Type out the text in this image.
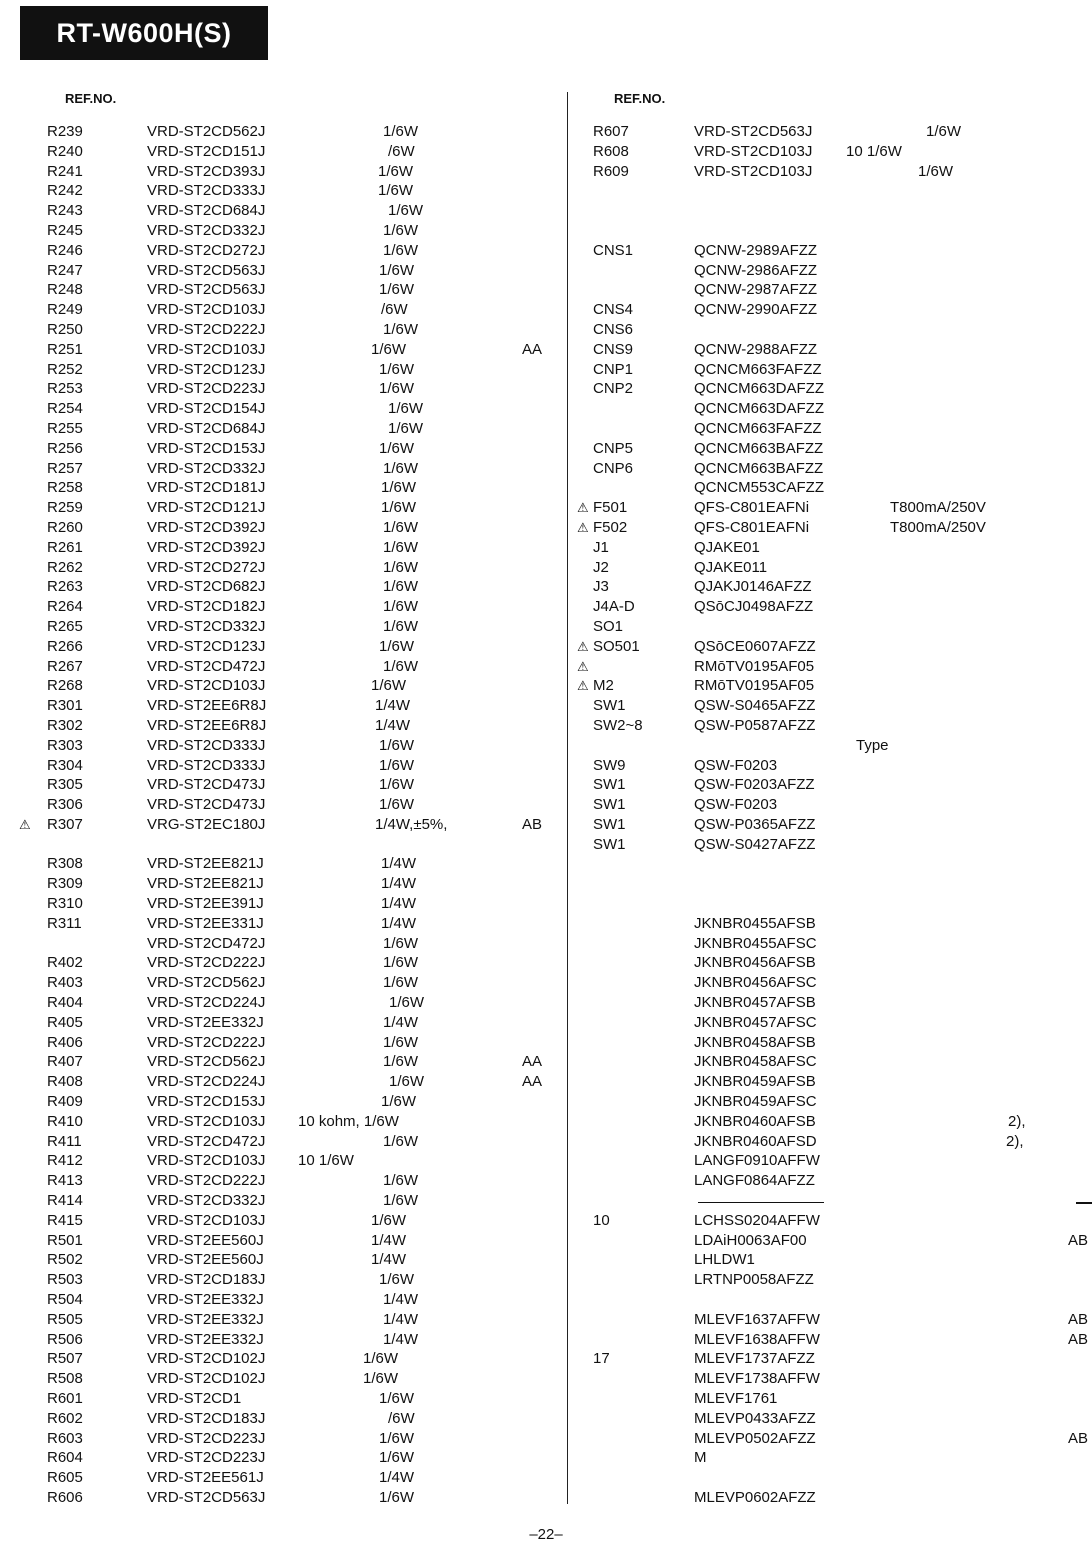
RT-W600H(S)
REF.NO.	REF.NO.
R239	VRD-ST2CD562J	1/6W
R240	VRD-ST2CD151J	/6W
R241	VRD-ST2CD393J	1/6W
R242	VRD-ST2CD333J	1/6W
R243	VRD-ST2CD684J	1/6W
R245	VRD-ST2CD332J	1/6W
R246	VRD-ST2CD272J	1/6W
R247	VRD-ST2CD563J	1/6W
R248	VRD-ST2CD563J	1/6W
R249	VRD-ST2CD103J	/6W
R250	VRD-ST2CD222J	1/6W
R251	VRD-ST2CD103J	1/6W	AA
R252	VRD-ST2CD123J	1/6W
R253	VRD-ST2CD223J	1/6W
R254	VRD-ST2CD154J	1/6W
R255	VRD-ST2CD684J	1/6W
R256	VRD-ST2CD153J	1/6W
R257	VRD-ST2CD332J	1/6W
R258	VRD-ST2CD181J	1/6W
R259	VRD-ST2CD121J	1/6W
R260	VRD-ST2CD392J	1/6W
R261	VRD-ST2CD392J	1/6W
R262	VRD-ST2CD272J	1/6W
R263	VRD-ST2CD682J	1/6W
R264	VRD-ST2CD182J	1/6W
R265	VRD-ST2CD332J	1/6W
R266	VRD-ST2CD123J	1/6W
R267	VRD-ST2CD472J	1/6W
R268	VRD-ST2CD103J	1/6W
R301	VRD-ST2EE6R8J	1/4W
R302	VRD-ST2EE6R8J	1/4W
R303	VRD-ST2CD333J	1/6W
R304	VRD-ST2CD333J	1/6W
R305	VRD-ST2CD473J	1/6W
R306	VRD-ST2CD473J	1/6W
⚠ R307	VRG-ST2EC180J	1/4W,±5%,	AB
R308	VRD-ST2EE821J	1/4W
R309	VRD-ST2EE821J	1/4W
R310	VRD-ST2EE391J	1/4W
R311	VRD-ST2EE331J	1/4W
VRD-ST2CD472J	1/6W
R402	VRD-ST2CD222J	1/6W
R403	VRD-ST2CD562J	1/6W
R404	VRD-ST2CD224J	1/6W
R405	VRD-ST2EE332J	1/4W
R406	VRD-ST2CD222J	1/6W
R407	VRD-ST2CD562J	1/6W	AA
R408	VRD-ST2CD224J	1/6W	AA
R409	VRD-ST2CD153J	1/6W
R410	VRD-ST2CD103J 10 kohm, 1/6W
R411	VRD-ST2CD472J	1/6W
R412	VRD-ST2CD103J 10 1/6W
R413	VRD-ST2CD222J	1/6W
R414	VRD-ST2CD332J	1/6W
R415	VRD-ST2CD103J	1/6W
R501	VRD-ST2EE560J	1/4W
R502	VRD-ST2EE560J	1/4W
R503	VRD-ST2CD183J	1/6W
R504	VRD-ST2EE332J	1/4W
R505	VRD-ST2EE332J	1/4W
R506	VRD-ST2EE332J	1/4W
R507	VRD-ST2CD102J	1/6W
R508	VRD-ST2CD102J	1/6W
R601	VRD-ST2CD1	1/6W
R602	VRD-ST2CD183J	/6W
R603	VRD-ST2CD223J	1/6W
R604	VRD-ST2CD223J	1/6W
R605	VRD-ST2EE561J	1/4W
R606	VRD-ST2CD563J	1/6W
R607	VRD-ST2CD563J	1/6W
R608	VRD-ST2CD103J 10 1/6W
R609	VRD-ST2CD103J	1/6W
CNS1	QCNW-2989AFZZ
QCNW-2986AFZZ
QCNW-2987AFZZ
CNS4	QCNW-2990AFZZ
CNS6
CNS9	QCNW-2988AFZZ
CNP1	QCNCM663FAFZZ
CNP2	QCNCM663DAFZZ
QCNCM663DAFZZ
QCNCM663FAFZZ
CNP5	QCNCM663BAFZZ
CNP6	QCNCM663BAFZZ
QCNCM553CAFZZ
⚠ F501	QFS-C801EAFNi	T800mA/250V
⚠ F502	QFS-C801EAFNi	T800mA/250V
J1	QJAKE01
J2	QJAKE011
J3	QJAKJ0146AFZZ
J4A-D	QSōCJ0498AFZZ
SO1
⚠ SO501	QSōCE0607AFZZ
⚠	RMōTV0195AF05
⚠ M2	RMōTV0195AF05
SW1	QSW-S0465AFZZ
SW2~8	QSW-P0587AFZZ
Type
SW9	QSW-F0203
SW1	QSW-F0203AFZZ
SW1	QSW-F0203
SW1	QSW-P0365AFZZ
SW1	QSW-S0427AFZZ
JKNBR0455AFSB
JKNBR0455AFSC
JKNBR0456AFSB
JKNBR0456AFSC
JKNBR0457AFSB
JKNBR0457AFSC
JKNBR0458AFSB
JKNBR0458AFSC
JKNBR0459AFSB
JKNBR0459AFSC
JKNBR0460AFSB	2),
JKNBR0460AFSD	2),
LANGF0910AFFW
LANGF0864AFZZ
10	LCHSS0204AFFW
LDAiH0063AF00	AB
LHLDW1
LRTNP0058AFZZ
MLEVF1637AFFW	AB
MLEVF1638AFFW	AB
17	MLEVF1737AFZZ
MLEVF1738AFFW
MLEVF1761
MLEVP0433AFZZ
MLEVP0502AFZZ	AB
M
MLEVP0602AFZZ
–22–
